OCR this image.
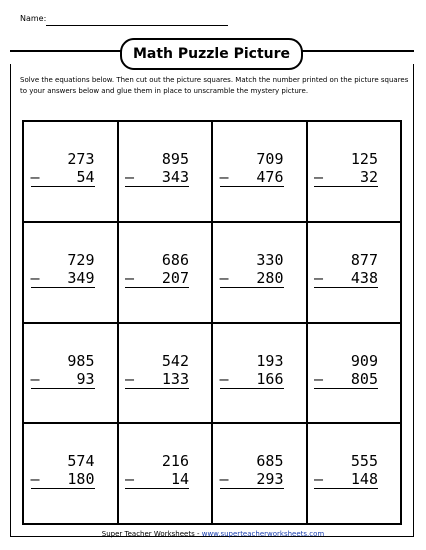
Name:
Math Puzzle Picture
Solve the equations below. Then cut out the picture squares. Match the number printed on the picture squares to your answers below and glue them in place to unscramble the mystery picture.
273
– 54
895
– 343
709
– 476
125
– 32
729
– 349
686
– 207
330
– 280
877
– 438
985
– 93
542
– 133
193
– 166
909
– 805
574
– 180
216
– 14
685
– 293
555
– 148
Super Teacher Worksheets - www.superteacherworksheets.com
